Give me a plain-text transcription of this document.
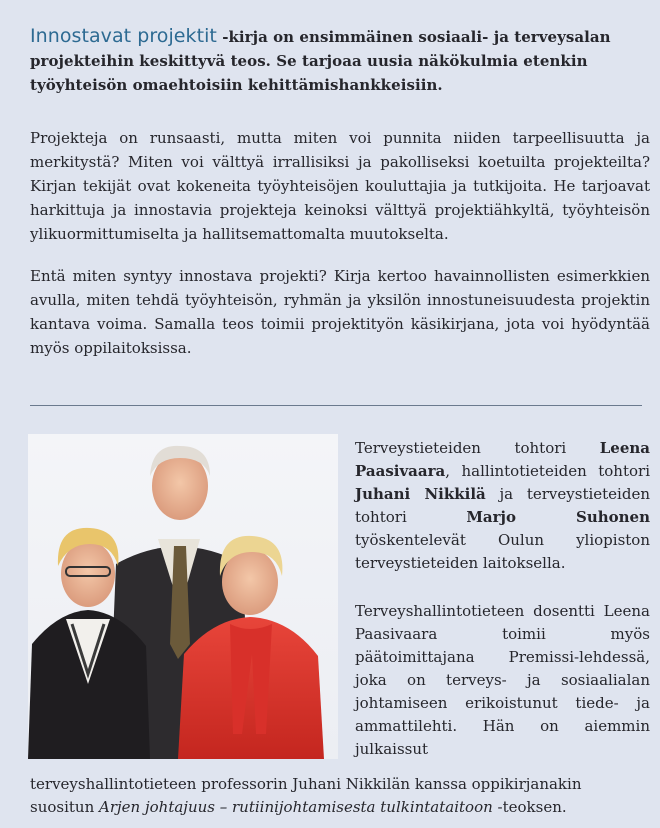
Innostavat projektit -kirja on ensimmäinen sosiaali- ja terveysalan projekteihin keskittyvä teos. Se tarjoaa uusia näkökulmia etenkin työyhteisön omaehtoisiin kehittämishankkeisiin.

Projekteja on runsaasti, mutta miten voi punnita niiden tarpeellisuutta ja merkitystä? Miten voi välttyä irrallisiksi ja pakolliseksi koetuilta projekteilta? Kirjan tekijät ovat kokeneita työyhteisöjen kouluttajia ja tutkijoita. He tarjoavat harkittuja ja innostavia projekteja keinoksi välttyä projektiähkyltä, työyhteisön ylikuormittumiselta ja hallitsemattomalta muutokselta.

Entä miten syntyy innostava projekti? Kirja kertoo havainnollisten esimerkkien avulla, miten tehdä työyhteisön, ryhmän ja yksilön innostuneisuudesta projektin kantava voima. Samalla teos toimii projektityön käsikirjana, jota voi hyödyntää myös oppilaitoksissa.

Terveystieteiden tohtori Leena Paasivaara, hallintotieteiden tohtori Juhani Nikkilä ja terveystieteiden tohtori Marjo Suhonen työskentelevät Oulun yliopiston terveystieteiden laitoksella.

Terveyshallintotieteen dosentti Leena Paasivaara toimii myös päätoimittajana Premissi-lehdessä, joka on terveys- ja sosiaalialan johtamiseen erikoistunut tiede- ja ammattilehti. Hän on aiemmin julkaissut

terveyshallintotieteen professorin Juhani Nikkilän kanssa oppikirjanakin suositun Arjen johtajuus – rutiinijohtamisesta tulkintataitoon -teoksen.
